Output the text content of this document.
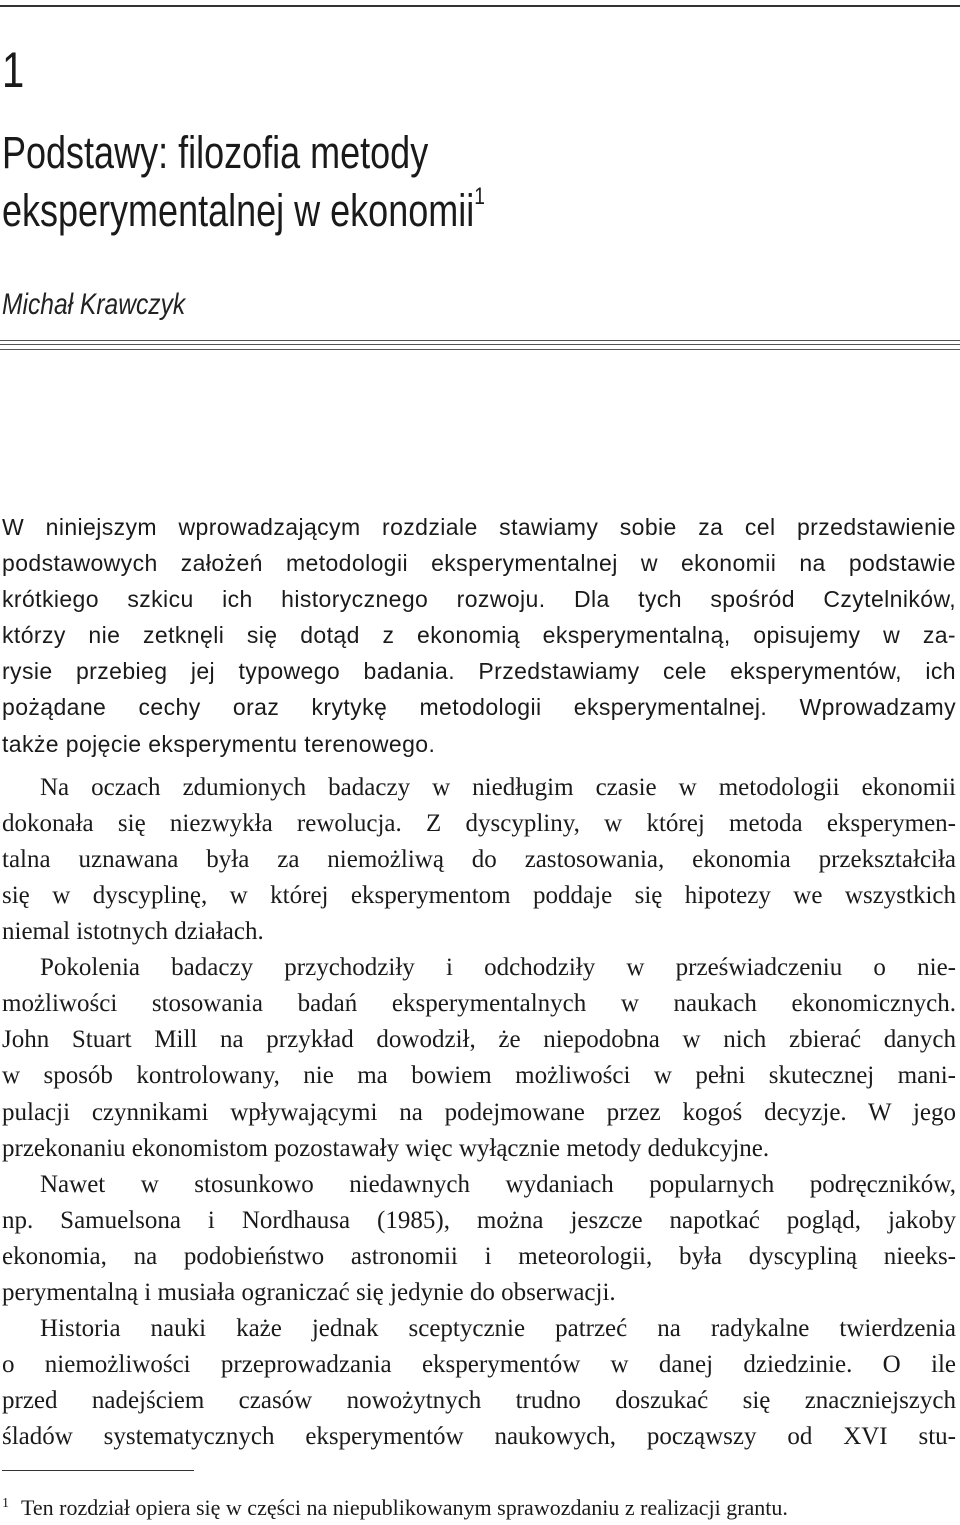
1
Podstawy: filozofia metody
eksperymentalnej w ekonomii$^1$
Michał Krawczyk
W niniejszym wprowadzającym rozdziale stawiamy sobie za cel przedstawienie
podstawowych założeń metodologii eksperymentalnej w ekonomii na podstawie
krótkiego szkicu ich historycznego rozwoju. Dla tych spośród Czytelników,
którzy nie zetknęli się dotąd z ekonomią eksperymentalną, opisujemy w za-
rysie przebieg jej typowego badania. Przedstawiamy cele eksperymentów, ich
pożądane cechy oraz krytykę metodologii eksperymentalnej. Wprowadzamy
także pojęcie eksperymentu terenowego.
Na oczach zdumionych badaczy w niedługim czasie w metodologii ekonomii
dokonała się niezwykła rewolucja. Z dyscypliny, w której metoda eksperymen-
talna uznawana była za niemożliwą do zastosowania, ekonomia przekształciła
się w dyscyplinę, w której eksperymentom poddaje się hipotezy we wszystkich
niemal istotnych działach.
Pokolenia badaczy przychodziły i odchodziły w przeświadczeniu o nie-
możliwości stosowania badań eksperymentalnych w naukach ekonomicznych.
John Stuart Mill na przykład dowodził, że niepodobna w nich zbierać danych
w sposób kontrolowany, nie ma bowiem możliwości w pełni skutecznej mani-
pulacji czynnikami wpływającymi na podejmowane przez kogoś decyzje. W jego
przekonaniu ekonomistom pozostawały więc wyłącznie metody dedukcyjne.
Nawet w stosunkowo niedawnych wydaniach popularnych podręczników,
np. Samuelsona i Nordhausa (1985), można jeszcze napotkać pogląd, jakoby
ekonomia, na podobieństwo astronomii i meteorologii, była dyscypliną nieeks-
perymentalną i musiała ograniczać się jedynie do obserwacji.
Historia nauki każe jednak sceptycznie patrzeć na radykalne twierdzenia
o niemożliwości przeprowadzania eksperymentów w danej dziedzinie. O ile
przed nadejściem czasów nowożytnych trudno doszukać się znaczniejszych
śladów systematycznych eksperymentów naukowych, począwszy od XVI stu-
$^1$ Ten rozdział opiera się w części na niepublikowanym sprawozdaniu z realizacji grantu.
